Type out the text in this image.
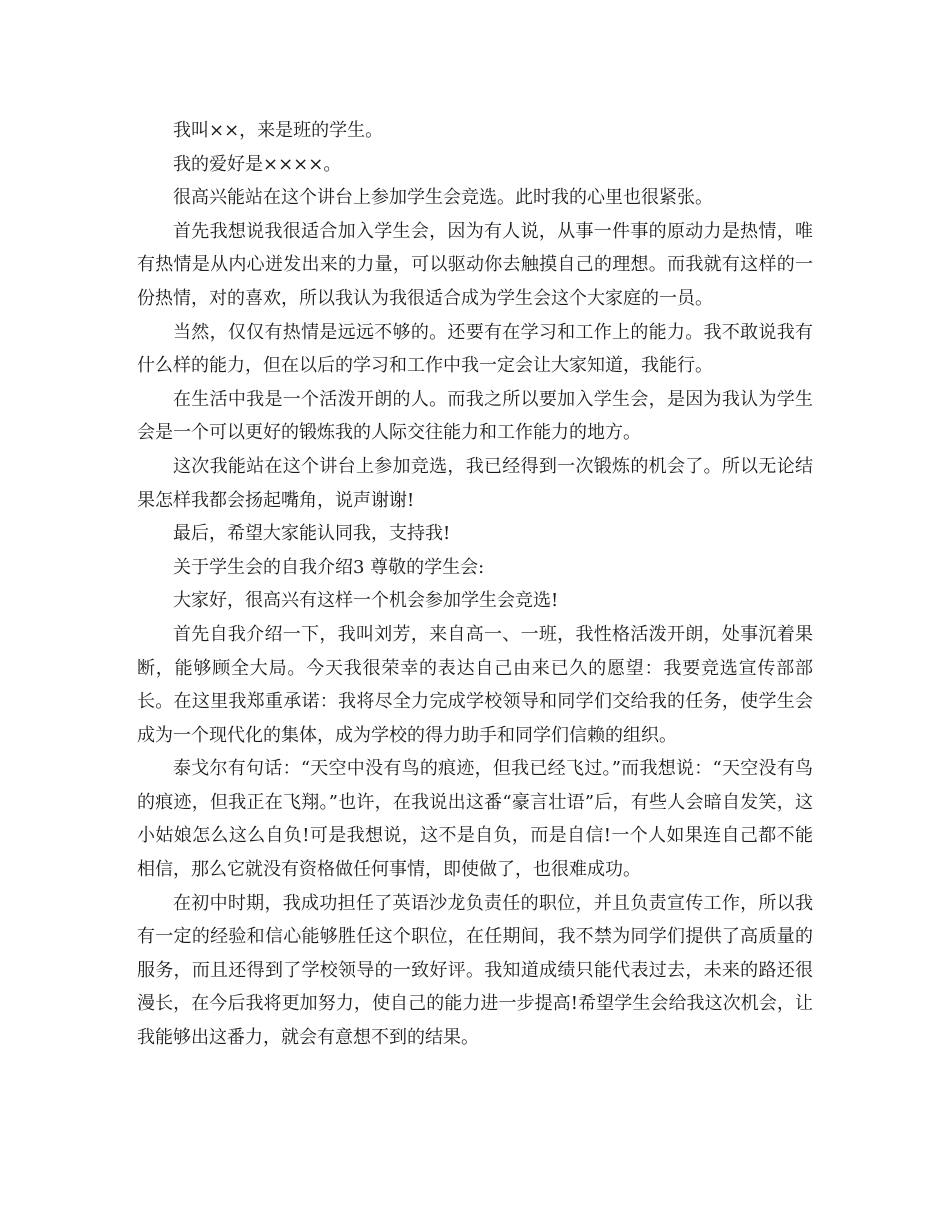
我叫××，来是班的学生。

我的爱好是××××。

很高兴能站在这个讲台上参加学生会竞选。此时我的心里也很紧张。

首先我想说我很适合加入学生会，因为有人说，从事一件事的原动力是热情，唯有热情是从内心迸发出来的力量，可以驱动你去触摸自己的理想。而我就有这样的一份热情，对的喜欢，所以我认为我很适合成为学生会这个大家庭的一员。

当然，仅仅有热情是远远不够的。还要有在学习和工作上的能力。我不敢说我有什么样的能力，但在以后的学习和工作中我一定会让大家知道，我能行。

在生活中我是一个活泼开朗的人。而我之所以要加入学生会，是因为我认为学生会是一个可以更好的锻炼我的人际交往能力和工作能力的地方。

这次我能站在这个讲台上参加竞选，我已经得到一次锻炼的机会了。所以无论结果怎样我都会扬起嘴角，说声谢谢!

最后，希望大家能认同我，支持我!

关于学生会的自我介绍3 尊敬的学生会:

大家好，很高兴有这样一个机会参加学生会竞选!

首先自我介绍一下，我叫刘芳，来自高一、一班，我性格活泼开朗，处事沉着果断，能够顾全大局。今天我很荣幸的表达自己由来已久的愿望：我要竞选宣传部部长。在这里我郑重承诺：我将尽全力完成学校领导和同学们交给我的任务，使学生会成为一个现代化的集体，成为学校的得力助手和同学们信赖的组织。

泰戈尔有句话：“天空中没有鸟的痕迹，但我已经飞过。”而我想说：“天空没有鸟的痕迹，但我正在飞翔。”也许，在我说出这番“豪言壮语”后，有些人会暗自发笑，这小姑娘怎么这么自负!可是我想说，这不是自负，而是自信!一个人如果连自己都不能相信，那么它就没有资格做任何事情，即使做了，也很难成功。

在初中时期，我成功担任了英语沙龙负责任的职位，并且负责宣传工作，所以我有一定的经验和信心能够胜任这个职位，在任期间，我不禁为同学们提供了高质量的服务，而且还得到了学校领导的一致好评。我知道成绩只能代表过去，未来的路还很漫长，在今后我将更加努力，使自己的能力进一步提高!希望学生会给我这次机会，让我能够出这番力，就会有意想不到的结果。
